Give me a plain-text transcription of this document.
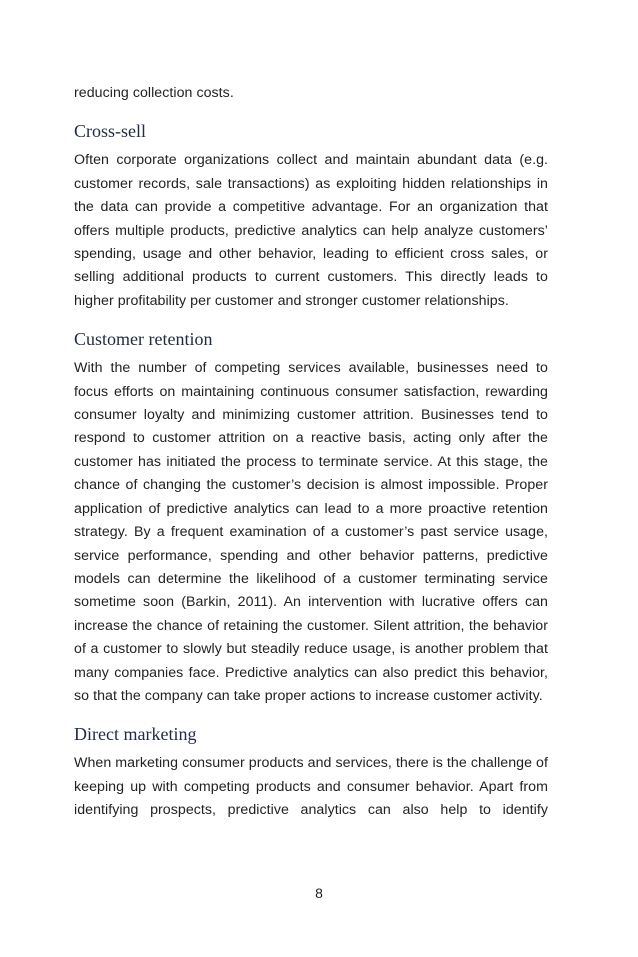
reducing collection costs.

Cross-sell

Often corporate organizations collect and maintain abundant data (e.g. customer records, sale transactions) as exploiting hidden relationships in the data can provide a competitive advantage. For an organization that offers multiple products, predictive analytics can help analyze customers’ spending, usage and other behavior, leading to efficient cross sales, or selling additional products to current customers. This directly leads to higher profitability per customer and stronger customer relationships.

Customer retention

With the number of competing services available, businesses need to focus efforts on maintaining continuous consumer satisfaction, rewarding consumer loyalty and minimizing customer attrition. Businesses tend to respond to customer attrition on a reactive basis, acting only after the customer has initiated the process to terminate service. At this stage, the chance of changing the customer’s decision is almost impossible. Proper application of predictive analytics can lead to a more proactive retention strategy. By a frequent examination of a customer’s past service usage, service performance, spending and other behavior patterns, predictive models can determine the likelihood of a customer terminating service sometime soon (Barkin, 2011). An intervention with lucrative offers can increase the chance of retaining the customer. Silent attrition, the behavior of a customer to slowly but steadily reduce usage, is another problem that many companies face. Predictive analytics can also predict this behavior, so that the company can take proper actions to increase customer activity.

Direct marketing

When marketing consumer products and services, there is the challenge of keeping up with competing products and consumer behavior. Apart from identifying prospects, predictive analytics can also help to identify

8
